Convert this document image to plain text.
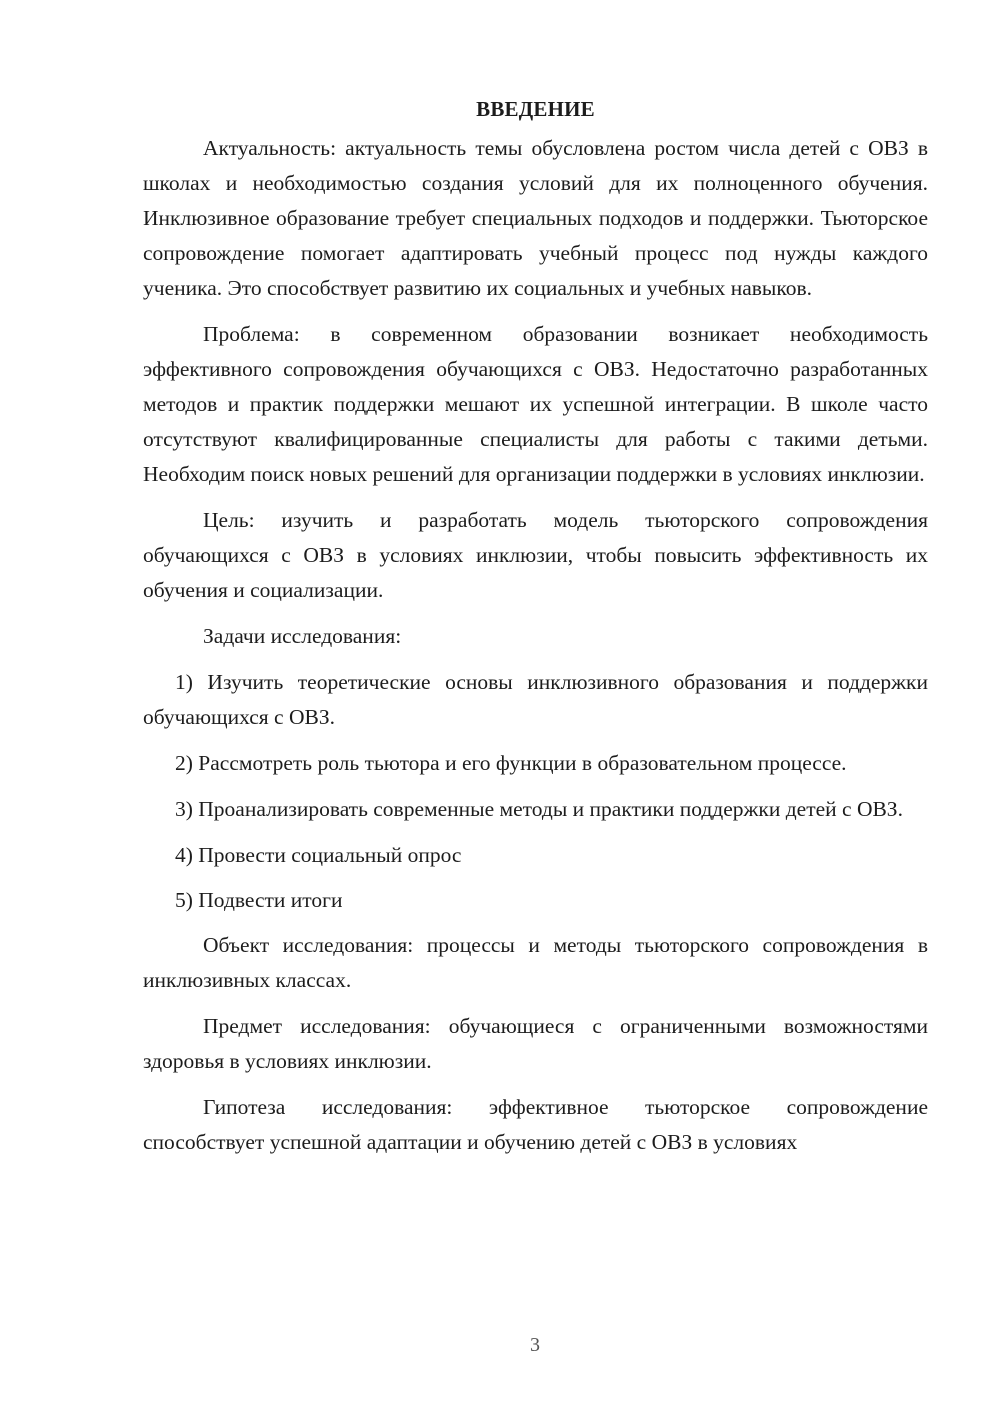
ВВЕДЕНИЕ

Актуальность: актуальность темы обусловлена ростом числа детей с ОВЗ в школах и необходимостью создания условий для их полноценного обучения. Инклюзивное образование требует специальных подходов и поддержки. Тьюторское сопровождение помогает адаптировать учебный процесс под нужды каждого ученика. Это способствует развитию их социальных и учебных навыков.

Проблема: в современном образовании возникает необходимость эффективного сопровождения обучающихся с ОВЗ. Недостаточно разработанных методов и практик поддержки мешают их успешной интеграции. В школе часто отсутствуют квалифицированные специалисты для работы с такими детьми. Необходим поиск новых решений для организации поддержки в условиях инклюзии.

Цель: изучить и разработать модель тьюторского сопровождения обучающихся с ОВЗ в условиях инклюзии, чтобы повысить эффективность их обучения и социализации.

Задачи исследования:

1) Изучить теоретические основы инклюзивного образования и поддержки обучающихся с ОВЗ.

2) Рассмотреть роль тьютора и его функции в образовательном процессе.

3) Проанализировать современные методы и практики поддержки детей с ОВЗ.

4) Провести социальный опрос

5) Подвести итоги

Объект исследования: процессы и методы тьюторского сопровождения в инклюзивных классах.

Предмет исследования: обучающиеся с ограниченными возможностями здоровья в условиях инклюзии.

Гипотеза исследования: эффективное тьюторское сопровождение способствует успешной адаптации и обучению детей с ОВЗ в условиях

3
